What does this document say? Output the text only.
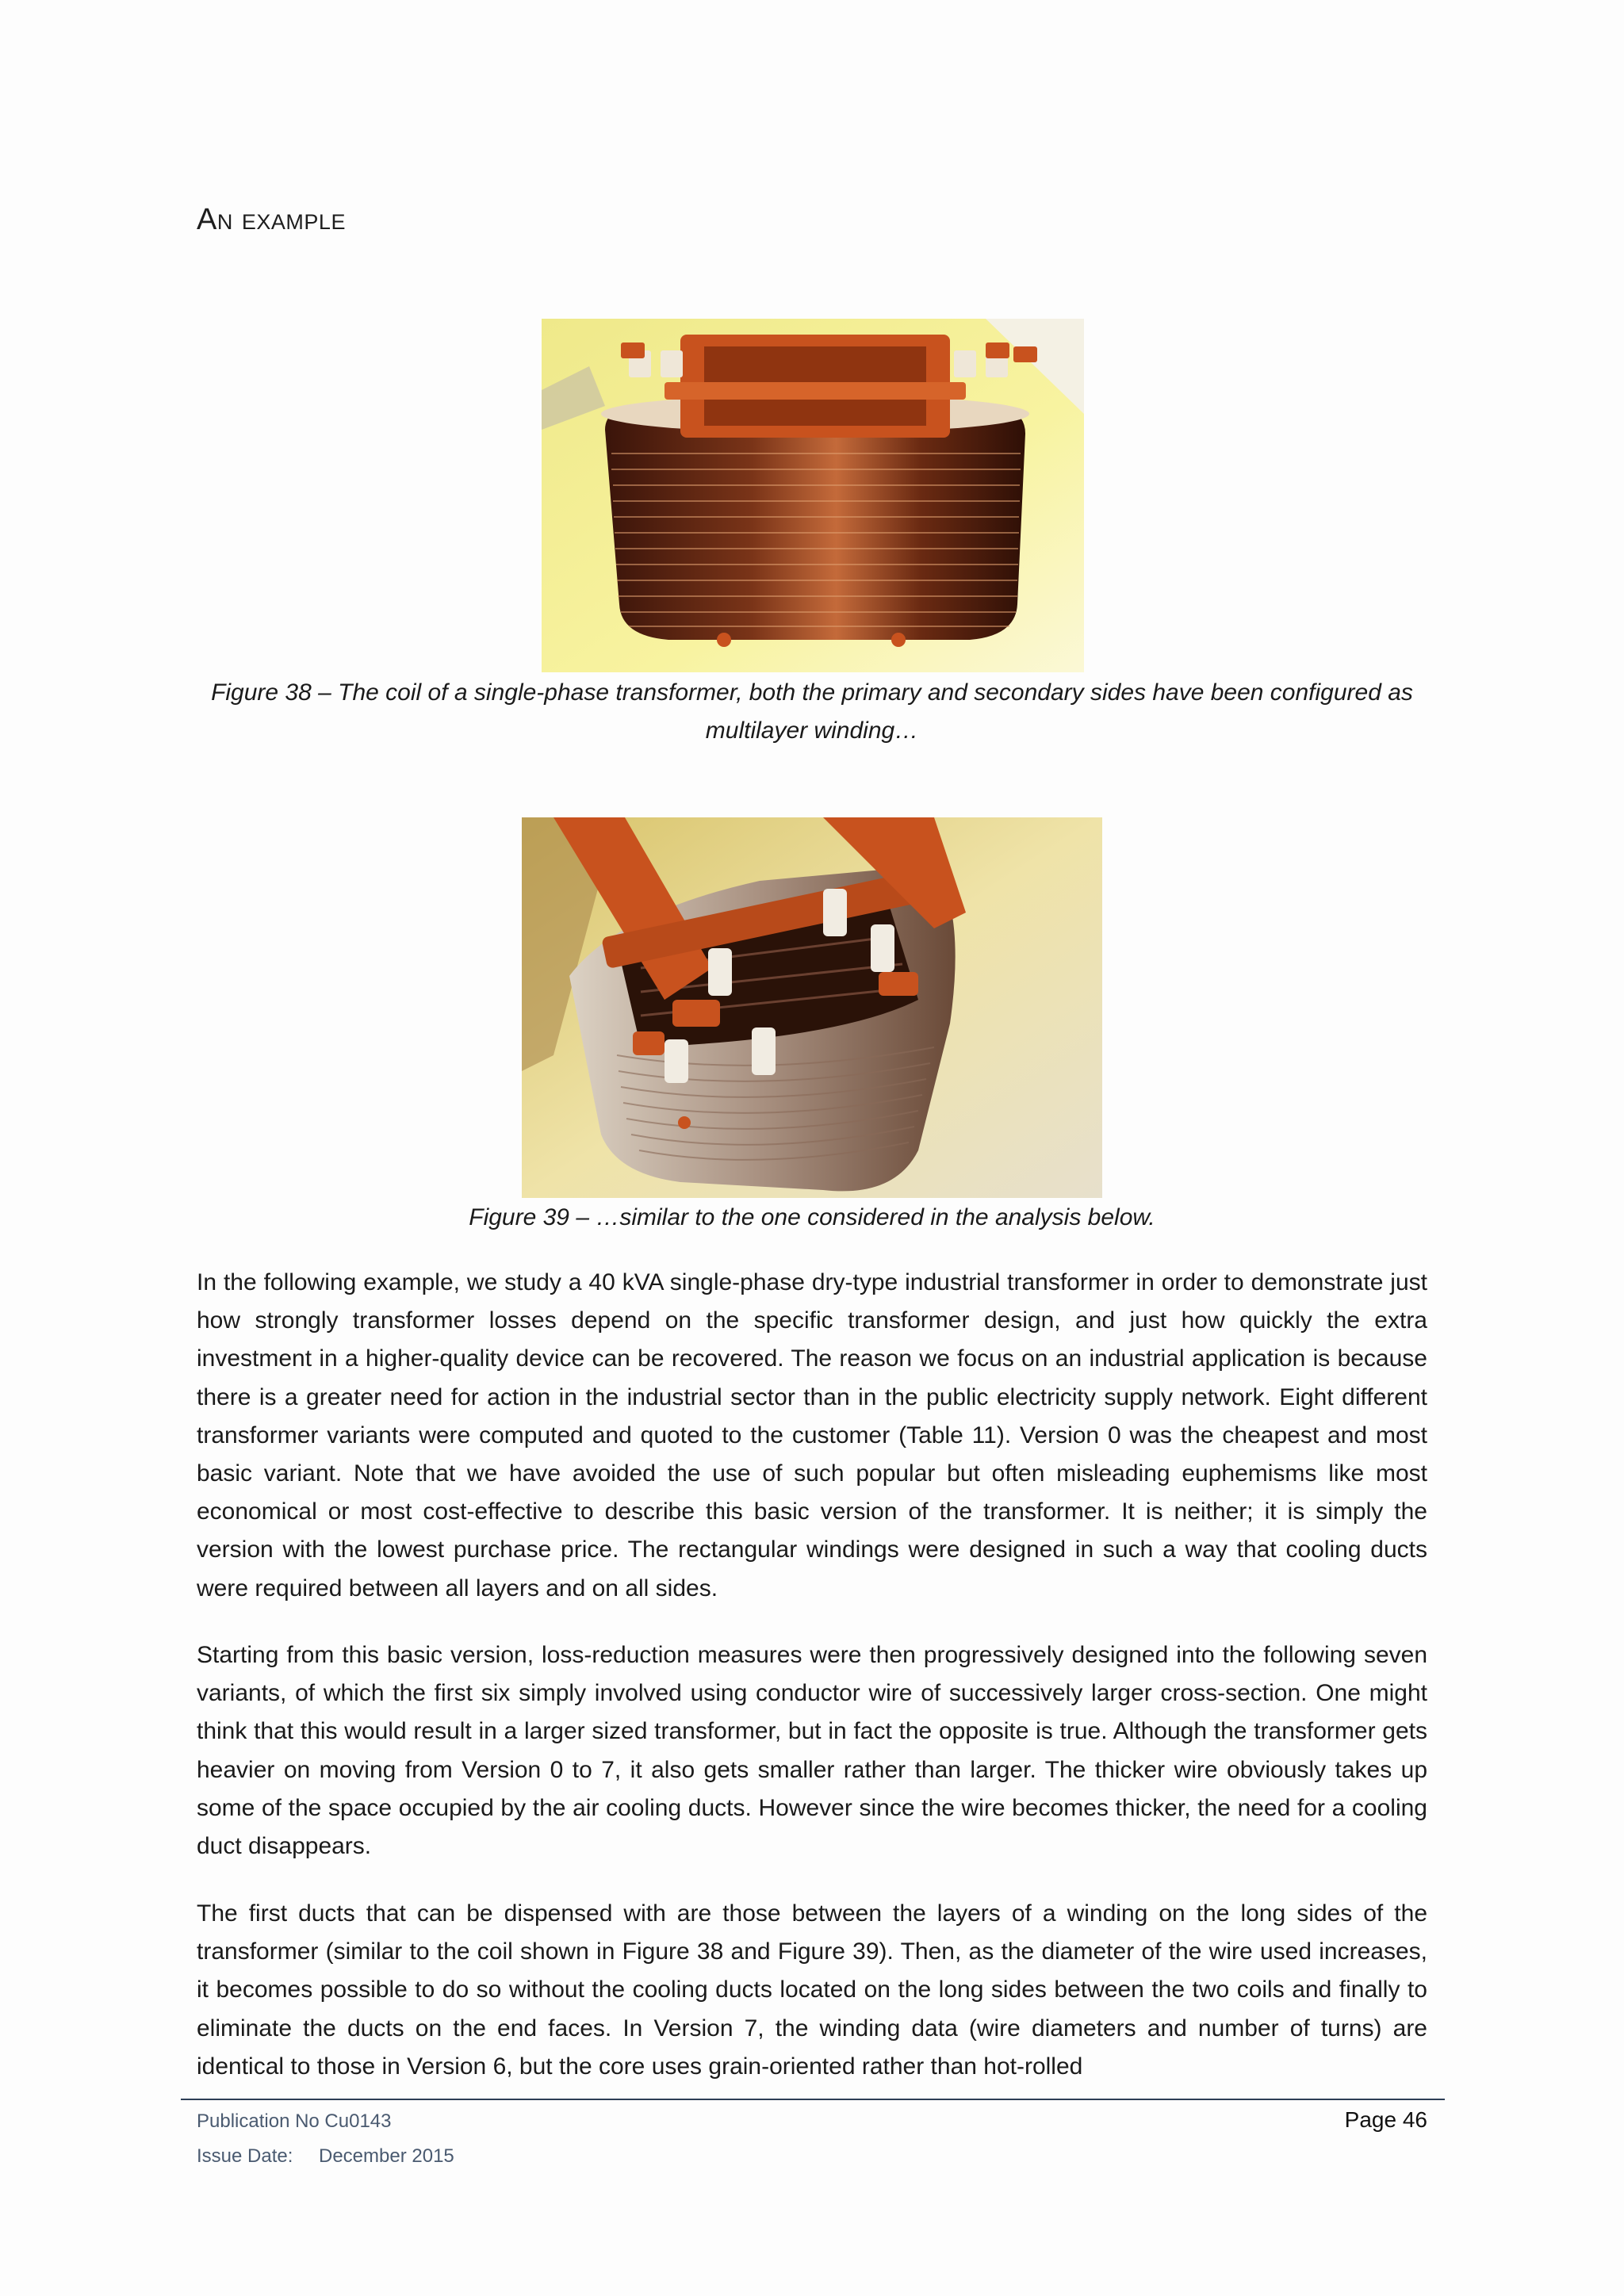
An example
Figure 38 – The coil of a single-phase transformer, both the primary and secondary sides have been configured as multilayer winding…
Figure 39 – …similar to the one considered in the analysis below.

In the following example, we study a 40 kVA single-phase dry-type industrial transformer in order to demonstrate just how strongly transformer losses depend on the specific transformer design, and just how quickly the extra investment in a higher-quality device can be recovered. The reason we focus on an industrial application is because there is a greater need for action in the industrial sector than in the public electricity supply network. Eight different transformer variants were computed and quoted to the customer (Table 11). Version 0 was the cheapest and most basic variant. Note that we have avoided the use of such popular but often misleading euphemisms like most economical or most cost-effective to describe this basic version of the transformer. It is neither; it is simply the version with the lowest purchase price. The rectangular windings were designed in such a way that cooling ducts were required between all layers and on all sides.

Starting from this basic version, loss-reduction measures were then progressively designed into the following seven variants, of which the first six simply involved using conductor wire of successively larger cross-section. One might think that this would result in a larger sized transformer, but in fact the opposite is true. Although the transformer gets heavier on moving from Version 0 to 7, it also gets smaller rather than larger. The thicker wire obviously takes up some of the space occupied by the air cooling ducts. However since the wire becomes thicker, the need for a cooling duct disappears.

The first ducts that can be dispensed with are those between the layers of a winding on the long sides of the transformer (similar to the coil shown in Figure 38 and Figure 39). Then, as the diameter of the wire used increases, it becomes possible to do so without the cooling ducts located on the long sides between the two coils and finally to eliminate the ducts on the end faces. In Version 7, the winding data (wire diameters and number of turns) are identical to those in Version 6, but the core uses grain-oriented rather than hot-rolled

Publication No Cu0143
Issue Date: December 2015
Page 46
